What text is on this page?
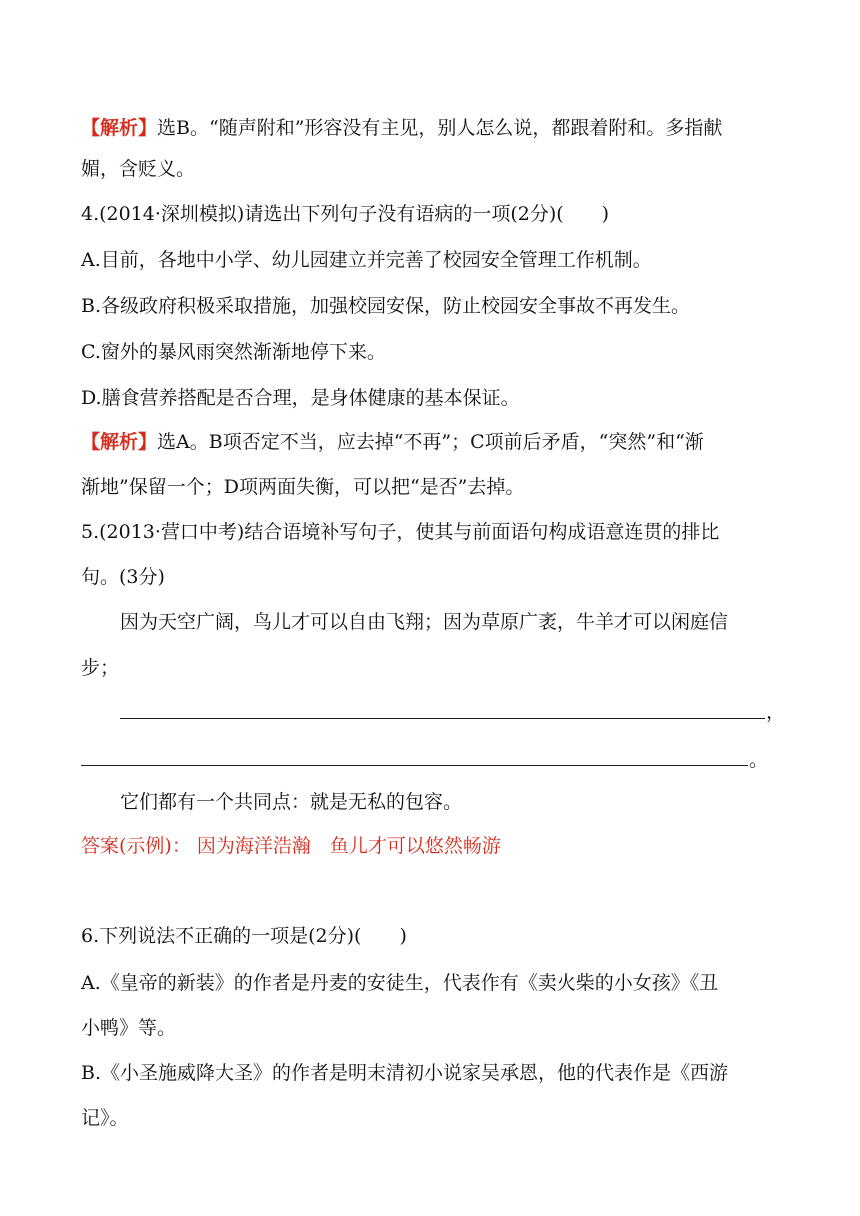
【解析】选B。“随声附和”形容没有主见，别人怎么说，都跟着附和。多指献
媚，含贬义。
4.(2014·深圳模拟)请选出下列句子没有语病的一项(2分)(　　)
A.目前，各地中小学、幼儿园建立并完善了校园安全管理工作机制。
B.各级政府积极采取措施，加强校园安保，防止校园安全事故不再发生。
C.窗外的暴风雨突然渐渐地停下来。
D.膳食营养搭配是否合理，是身体健康的基本保证。
【解析】选A。B项否定不当，应去掉“不再”；C项前后矛盾，“突然”和“渐
渐地”保留一个；D项两面失衡，可以把“是否”去掉。
5.(2013·营口中考)结合语境补写句子，使其与前面语句构成语意连贯的排比
句。(3分)
因为天空广阔，鸟儿才可以自由飞翔；因为草原广袤，牛羊才可以闲庭信
步；
，
。
它们都有一个共同点：就是无私的包容。
答案(示例)： 因为海洋浩瀚　鱼儿才可以悠然畅游
6.下列说法不正确的一项是(2分)(　　)
A.《皇帝的新装》的作者是丹麦的安徒生，代表作有《卖火柴的小女孩》《丑
小鸭》等。
B.《小圣施威降大圣》的作者是明末清初小说家吴承恩，他的代表作是《西游
记》。
